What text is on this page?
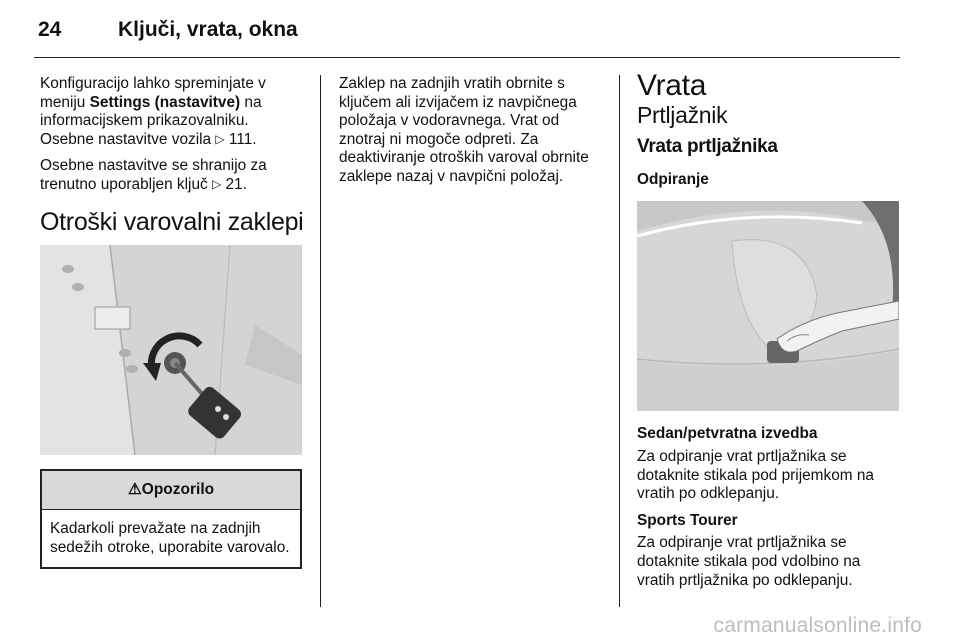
24	Ključi, vrata, okna

Konfiguracijo lahko spreminjate v meniju Settings (nastavitve) na informacijskem prikazovalniku. Osebne nastavitve vozila ▷ 111.

Osebne nastavitve se shranijo za trenutno uporabljen ključ ▷ 21.

Otroški varovalni zaklepi
⚠Opozorilo
Kadarkoli prevažate na zadnjih sedežih otroke, uporabite varovalo.

Zaklep na zadnjih vratih obrnite s ključem ali izvijačem iz navpičnega položaja v vodoravnega. Vrat od znotraj ni mogoče odpreti. Za deaktiviranje otroških varoval obrnite zaklepe nazaj v navpični položaj.

Vrata
Prtljažnik
Vrata prtljažnika
Odpiranje
Sedan/petvratna izvedba

Za odpiranje vrat prtljažnika se dotaknite stikala pod prijemkom na vratih po odklepanju.

Sports Tourer

Za odpiranje vrat prtljažnika se dotaknite stikala pod vdolbino na vratih prtljažnika po odklepanju.

carmanualsonline.info
